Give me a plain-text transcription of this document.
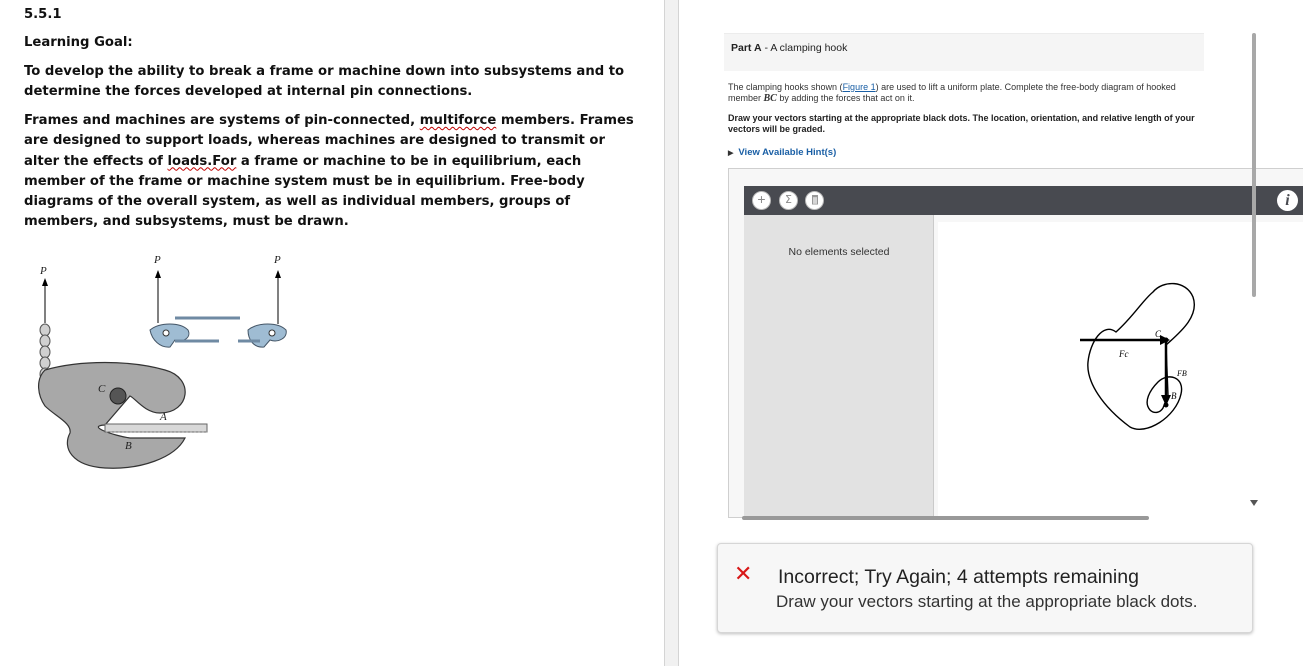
5.5.1
Learning Goal:
To develop the ability to break a frame or machine down into subsystems and to determine the forces developed at internal pin connections.
Frames and machines are systems of pin-connected, multiforce members. Frames are designed to support loads, whereas machines are designed to transmit or alter the effects of loads.For a frame or machine to be in equilibrium, each member of the frame or machine system must be in equilibrium. Free-body diagrams of the overall system, as well as individual members, groups of members, and subsystems, must be drawn.
P
C
A
B
P	P
Part A - A clamping hook
The clamping hooks shown (Figure 1) are used to lift a uniform plate. Complete the free-body diagram of hooked member BC by adding the forces that act on it.
Draw your vectors starting at the appropriate black dots. The location, orientation, and relative length of your vectors will be graded.
▶ View Available Hint(s)
+	Σ	i
No elements selected
C
Fc
FB
B
✕ Incorrect; Try Again; 4 attempts remaining
Draw your vectors starting at the appropriate black dots.
